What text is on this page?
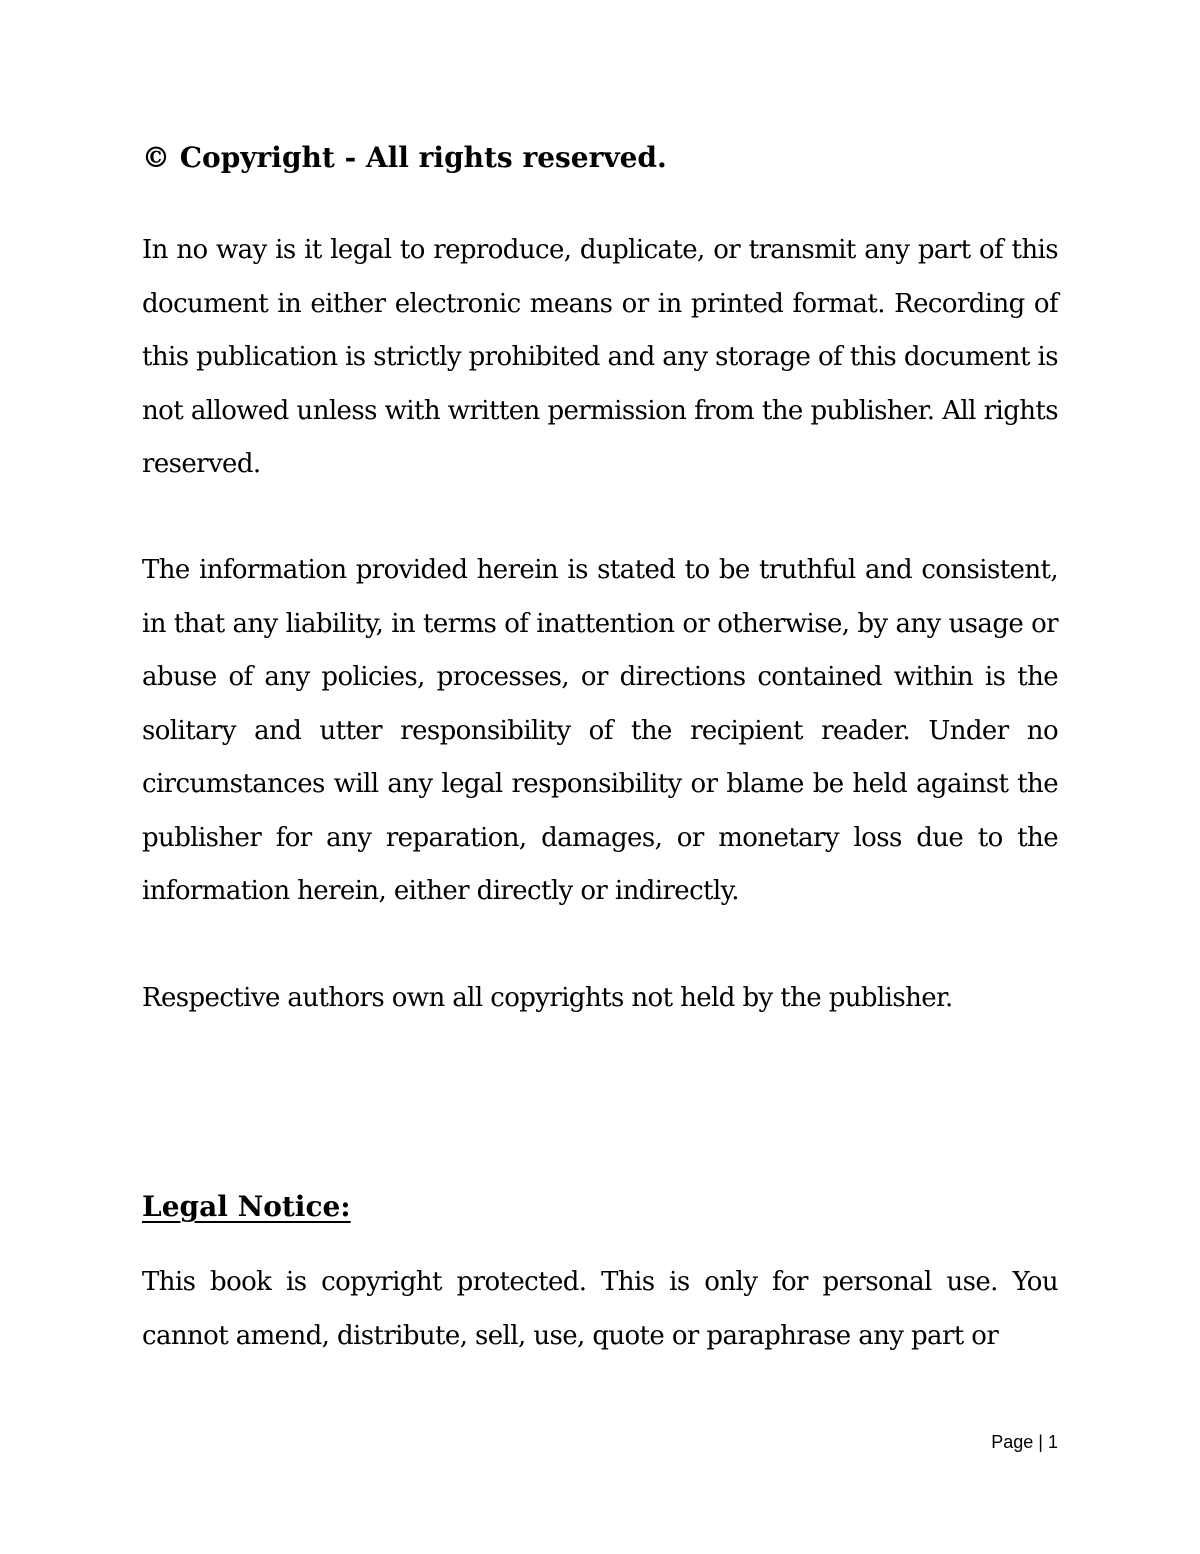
© Copyright - All rights reserved.

In no way is it legal to reproduce, duplicate, or transmit any part of this document in either electronic means or in printed format. Recording of this publication is strictly prohibited and any storage of this document is not allowed unless with written permission from the publisher. All rights reserved.

The information provided herein is stated to be truthful and consistent, in that any liability, in terms of inattention or otherwise, by any usage or abuse of any policies, processes, or directions contained within is the solitary and utter responsibility of the recipient reader. Under no circumstances will any legal responsibility or blame be held against the publisher for any reparation, damages, or monetary loss due to the information herein, either directly or indirectly.

Respective authors own all copyrights not held by the publisher.

Legal Notice:

This book is copyright protected. This is only for personal use. You cannot amend, distribute, sell, use, quote or paraphrase any part or

Page | 1
